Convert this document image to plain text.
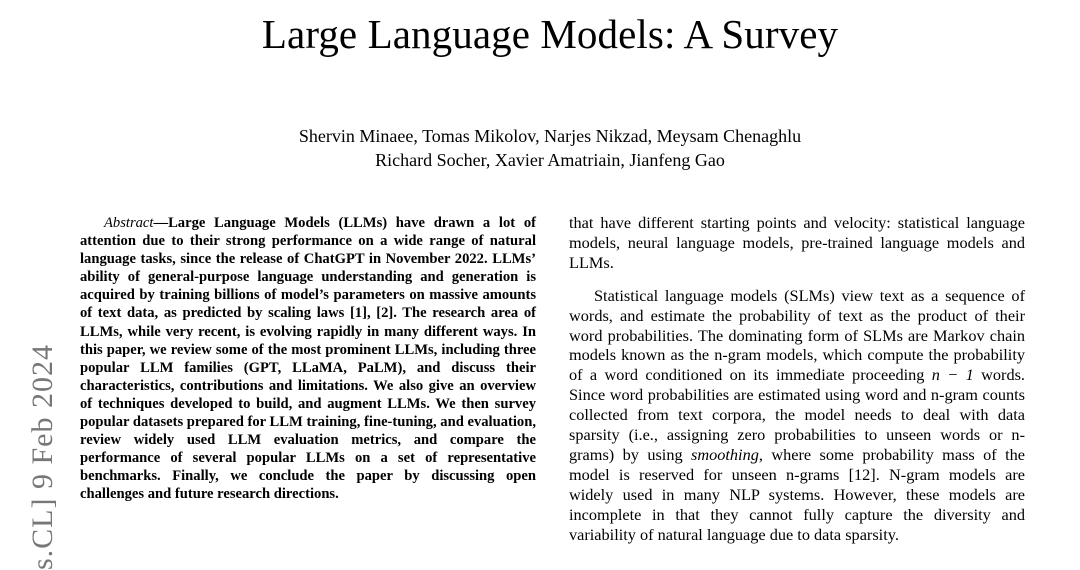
Large Language Models: A Survey
Shervin Minaee, Tomas Mikolov, Narjes Nikzad, Meysam Chenaghlu
Richard Socher, Xavier Amatriain, Jianfeng Gao
s.CL] 9 Feb 2024
Abstract—Large Language Models (LLMs) have drawn a lot of attention due to their strong performance on a wide range of natural language tasks, since the release of ChatGPT in November 2022. LLMs’ ability of general-purpose language understanding and generation is acquired by training billions of model’s parameters on massive amounts of text data, as predicted by scaling laws [1], [2]. The research area of LLMs, while very recent, is evolving rapidly in many different ways. In this paper, we review some of the most prominent LLMs, including three popular LLM families (GPT, LLaMA, PaLM), and discuss their characteristics, contributions and limitations. We also give an overview of techniques developed to build, and augment LLMs. We then survey popular datasets prepared for LLM training, fine-tuning, and evaluation, review widely used LLM evaluation metrics, and compare the performance of several popular LLMs on a set of representative benchmarks. Finally, we conclude the paper by discussing open challenges and future research directions.

that have different starting points and velocity: statistical language models, neural language models, pre-trained language models and LLMs.

Statistical language models (SLMs) view text as a sequence of words, and estimate the probability of text as the product of their word probabilities. The dominating form of SLMs are Markov chain models known as the n-gram models, which compute the probability of a word conditioned on its immediate proceeding n − 1 words. Since word probabilities are estimated using word and n-gram counts collected from text corpora, the model needs to deal with data sparsity (i.e., assigning zero probabilities to unseen words or n-grams) by using smoothing, where some probability mass of the model is reserved for unseen n-grams [12]. N-gram models are widely used in many NLP systems. However, these models are incomplete in that they cannot fully capture the diversity and variability of natural language due to data sparsity.
